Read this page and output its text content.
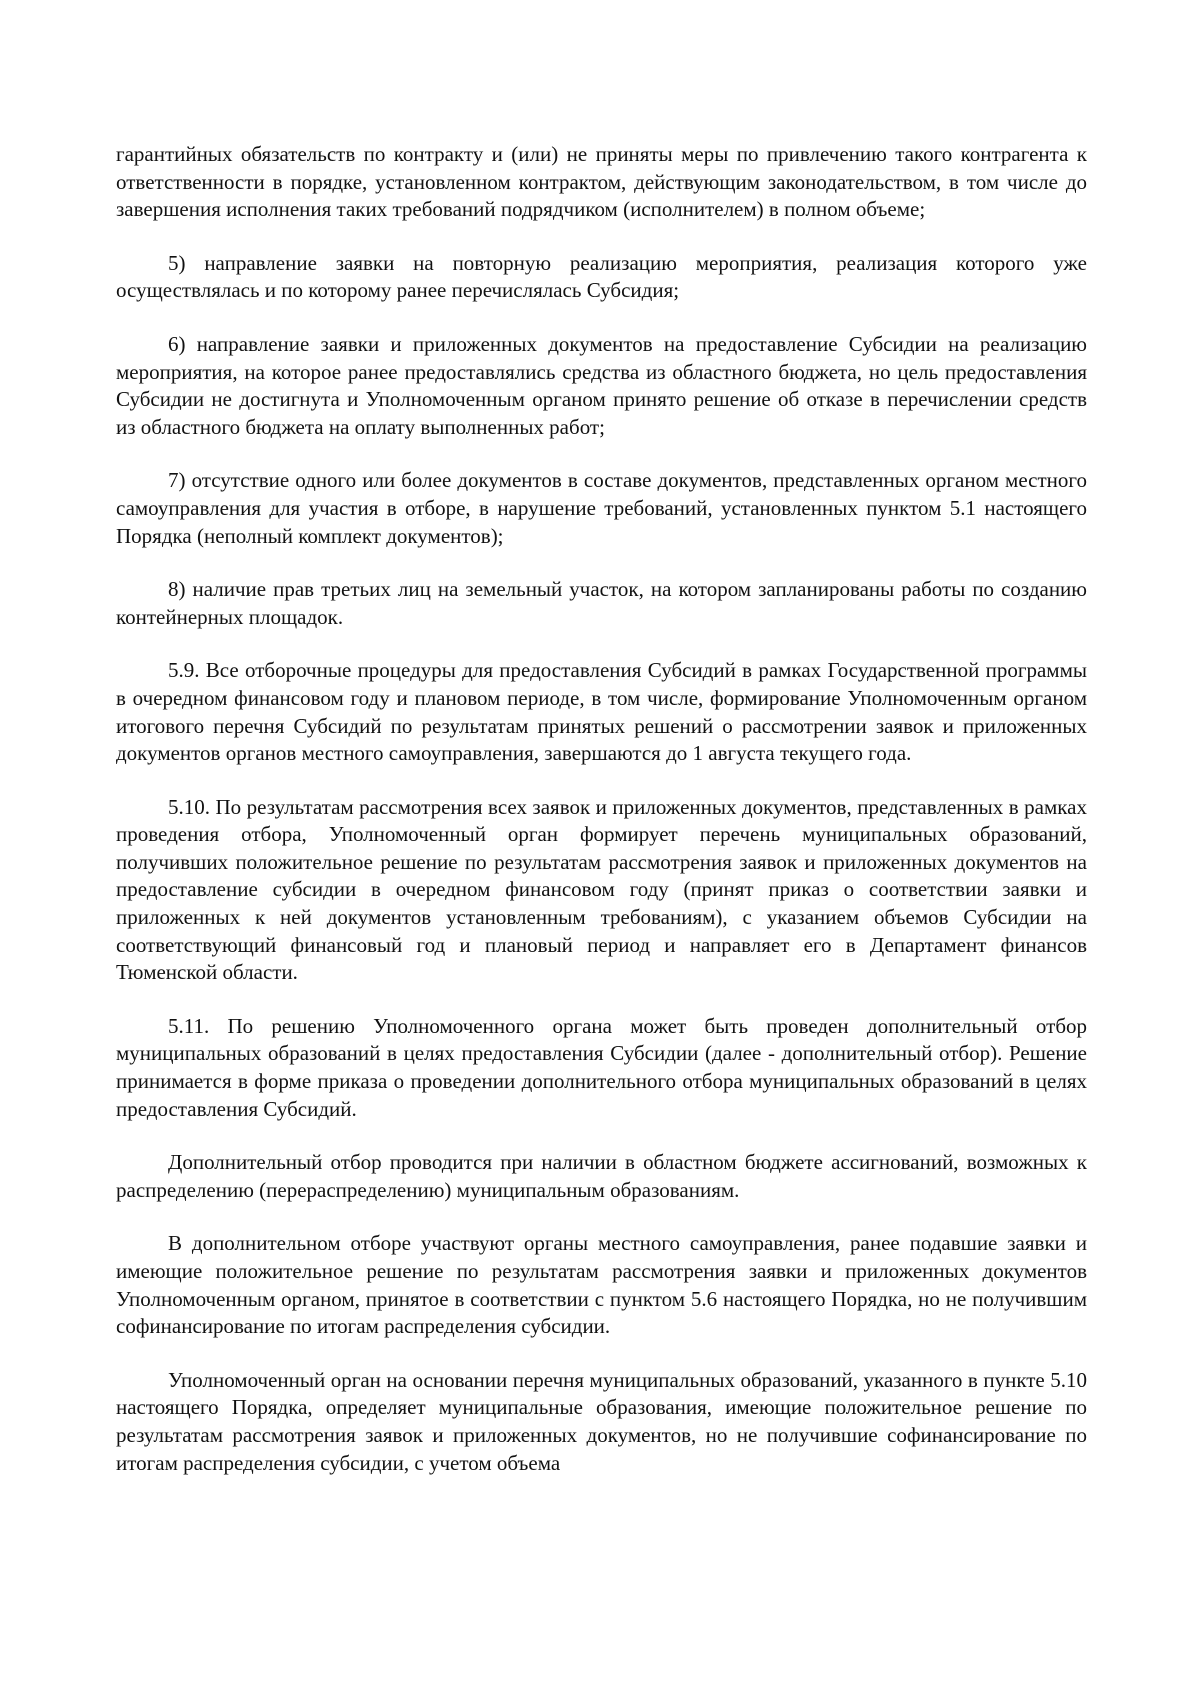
гарантийных обязательств по контракту и (или) не приняты меры по привлечению такого контрагента к ответственности в порядке, установленном контрактом, действующим законодательством, в том числе до завершения исполнения таких требований подрядчиком (исполнителем) в полном объеме;

5) направление заявки на повторную реализацию мероприятия, реализация которого уже осуществлялась и по которому ранее перечислялась Субсидия;

6) направление заявки и приложенных документов на предоставление Субсидии на реализацию мероприятия, на которое ранее предоставлялись средства из областного бюджета, но цель предоставления Субсидии не достигнута и Уполномоченным органом принято решение об отказе в перечислении средств из областного бюджета на оплату выполненных работ;

7) отсутствие одного или более документов в составе документов, представленных органом местного самоуправления для участия в отборе, в нарушение требований, установленных пунктом 5.1 настоящего Порядка (неполный комплект документов);

8) наличие прав третьих лиц на земельный участок, на котором запланированы работы по созданию контейнерных площадок.

5.9. Все отборочные процедуры для предоставления Субсидий в рамках Государственной программы в очередном финансовом году и плановом периоде, в том числе, формирование Уполномоченным органом итогового перечня Субсидий по результатам принятых решений о рассмотрении заявок и приложенных документов органов местного самоуправления, завершаются до 1 августа текущего года.

5.10. По результатам рассмотрения всех заявок и приложенных документов, представленных в рамках проведения отбора, Уполномоченный орган формирует перечень муниципальных образований, получивших положительное решение по результатам рассмотрения заявок и приложенных документов на предоставление субсидии в очередном финансовом году (принят приказ о соответствии заявки и приложенных к ней документов установленным требованиям), с указанием объемов Субсидии на соответствующий финансовый год и плановый период и направляет его в Департамент финансов Тюменской области.

5.11. По решению Уполномоченного органа может быть проведен дополнительный отбор муниципальных образований в целях предоставления Субсидии (далее - дополнительный отбор). Решение принимается в форме приказа о проведении дополнительного отбора муниципальных образований в целях предоставления Субсидий.

Дополнительный отбор проводится при наличии в областном бюджете ассигнований, возможных к распределению (перераспределению) муниципальным образованиям.

В дополнительном отборе участвуют органы местного самоуправления, ранее подавшие заявки и имеющие положительное решение по результатам рассмотрения заявки и приложенных документов Уполномоченным органом, принятое в соответствии с пунктом 5.6 настоящего Порядка, но не получившим софинансирование по итогам распределения субсидии.

Уполномоченный орган на основании перечня муниципальных образований, указанного в пункте 5.10 настоящего Порядка, определяет муниципальные образования, имеющие положительное решение по результатам рассмотрения заявок и приложенных документов, но не получившие софинансирование по итогам распределения субсидии, с учетом объема
